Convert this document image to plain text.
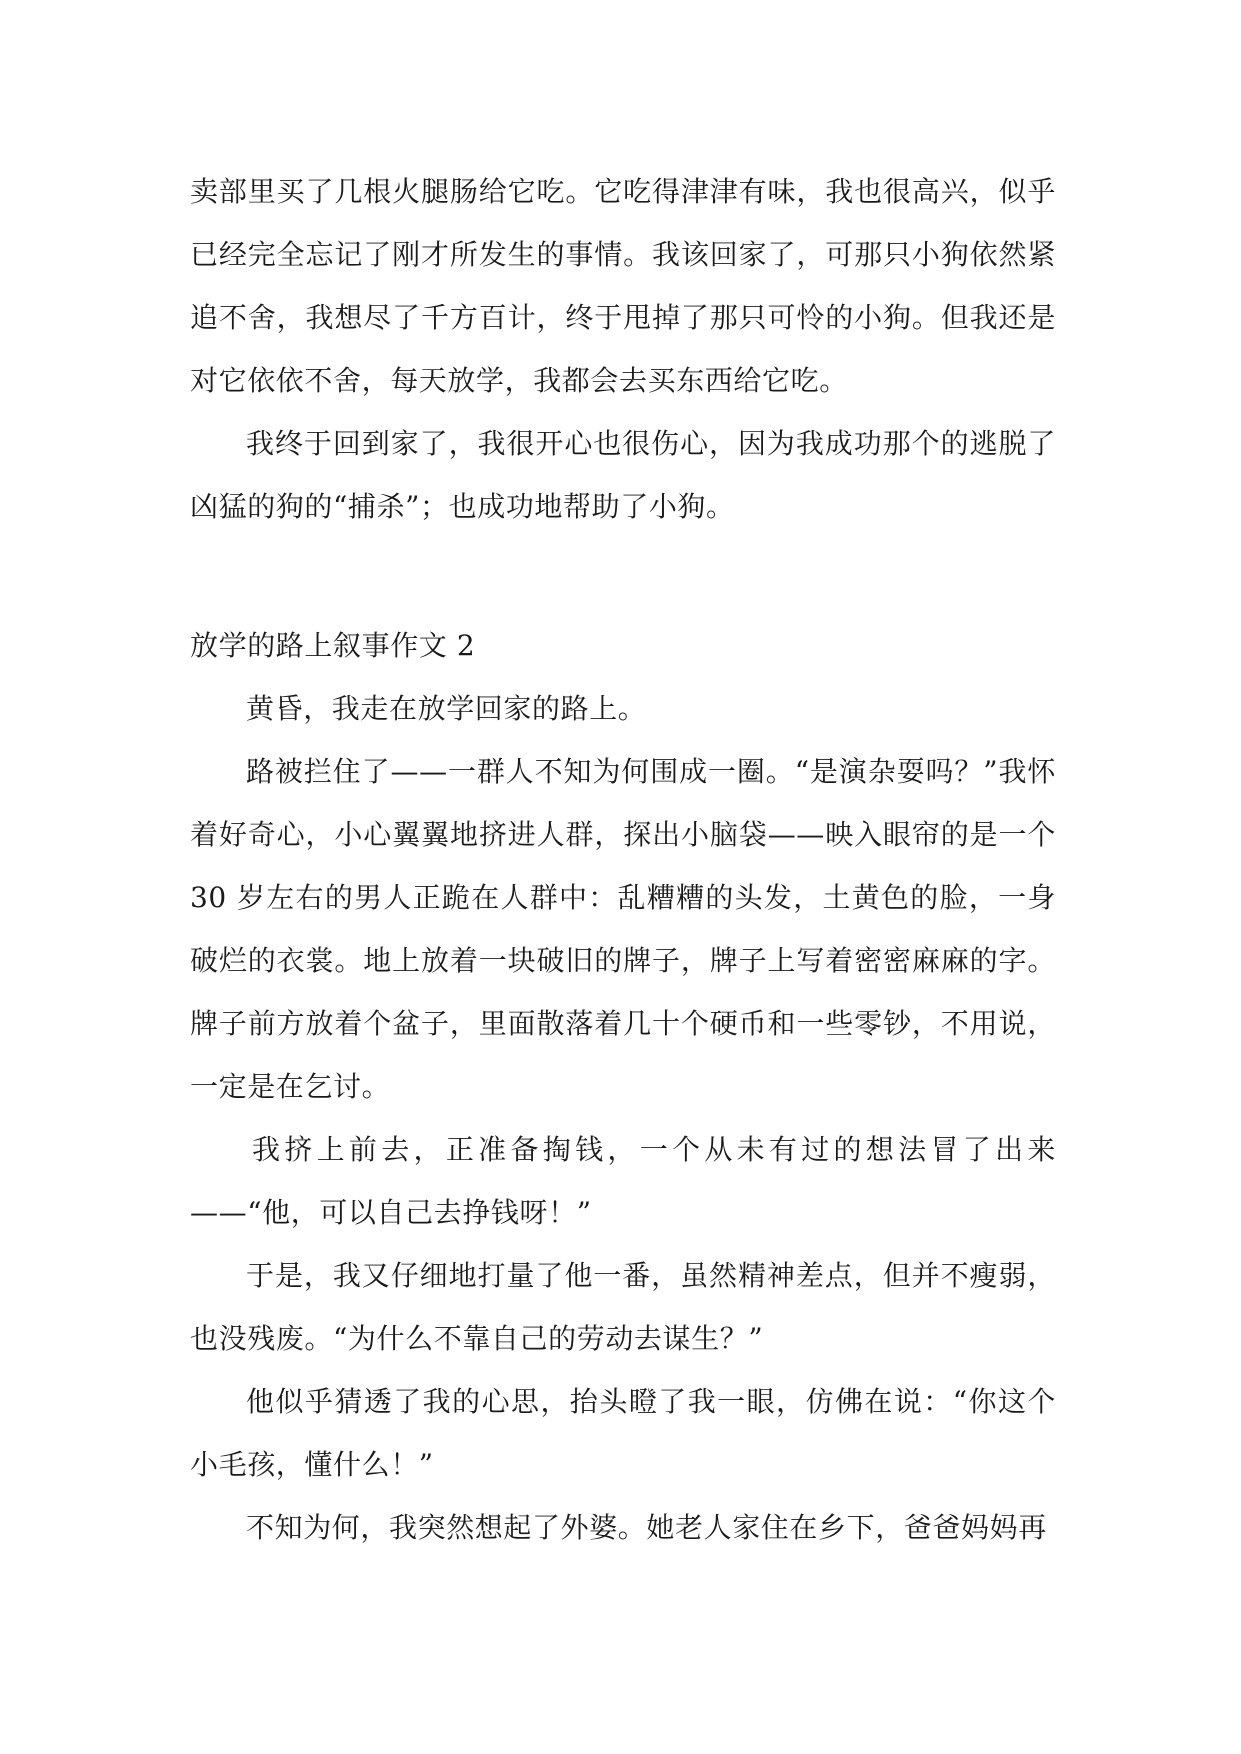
卖部里买了几根火腿肠给它吃。它吃得津津有味，我也很高兴，似乎已经完全忘记了刚才所发生的事情。我该回家了，可那只小狗依然紧追不舍，我想尽了千方百计，终于甩掉了那只可怜的小狗。但我还是对它依依不舍，每天放学，我都会去买东西给它吃。

我终于回到家了，我很开心也很伤心，因为我成功那个的逃脱了凶猛的狗的“捕杀”；也成功地帮助了小狗。

放学的路上叙事作文 2

黄昏，我走在放学回家的路上。

路被拦住了——一群人不知为何围成一圈。“是演杂耍吗？”我怀着好奇心，小心翼翼地挤进人群，探出小脑袋——映入眼帘的是一个 30 岁左右的男人正跪在人群中：乱糟糟的头发，土黄色的脸，一身破烂的衣裳。地上放着一块破旧的牌子，牌子上写着密密麻麻的字。牌子前方放着个盆子，里面散落着几十个硬币和一些零钞，不用说，一定是在乞讨。

我挤上前去，正准备掏钱，一个从未有过的想法冒了出来
——“他，可以自己去挣钱呀！”

于是，我又仔细地打量了他一番，虽然精神差点，但并不瘦弱，也没残废。“为什么不靠自己的劳动去谋生？”

他似乎猜透了我的心思，抬头瞪了我一眼，仿佛在说：“你这个小毛孩，懂什么！”

不知为何，我突然想起了外婆。她老人家住在乡下，爸爸妈妈再
